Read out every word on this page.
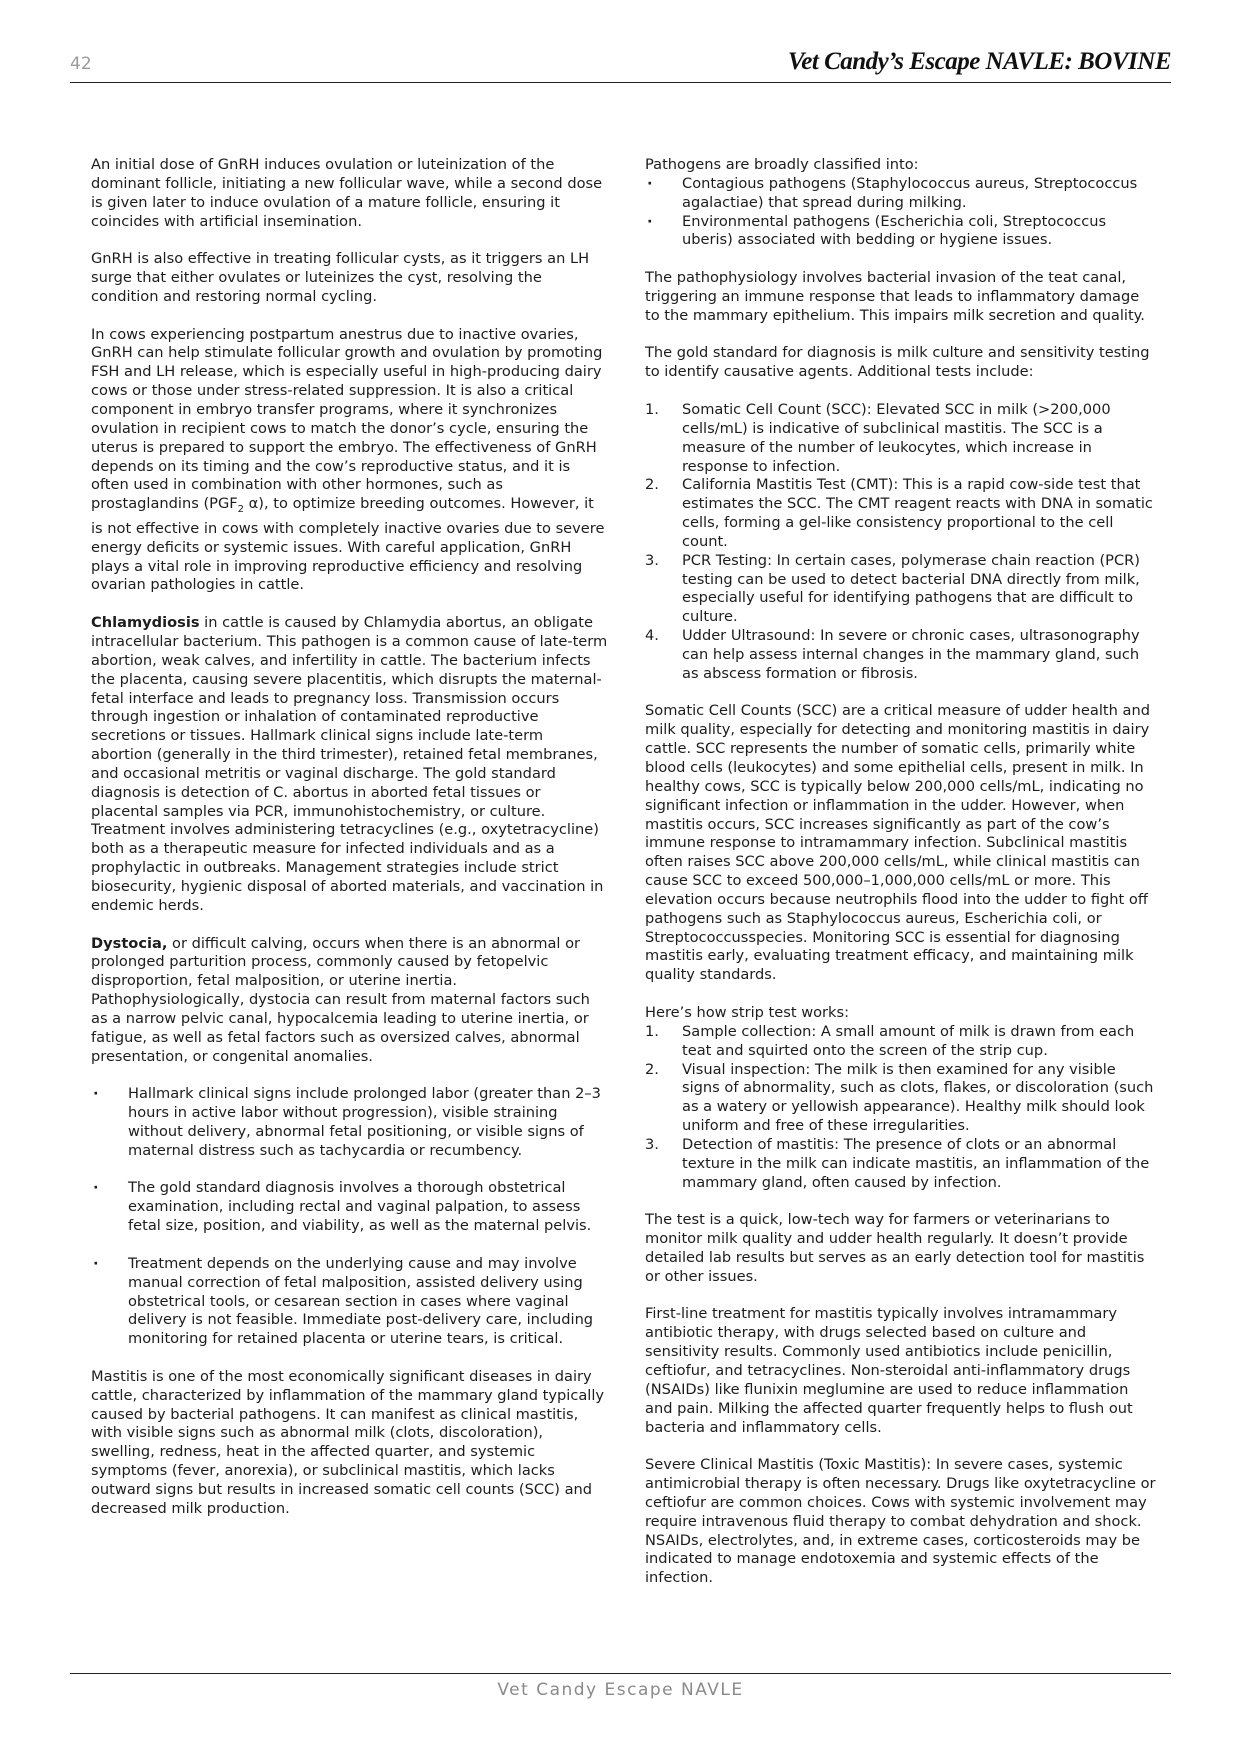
42	Vet Candy’s Escape NAVLE: BOVINE

An initial dose of GnRH induces ovulation or luteinization of the dominant follicle, initiating a new follicular wave, while a second dose is given later to induce ovulation of a mature follicle, ensuring it coincides with artificial insemination.

GnRH is also effective in treating follicular cysts, as it triggers an LH surge that either ovulates or luteinizes the cyst, resolving the condition and restoring normal cycling.

In cows experiencing postpartum anestrus due to inactive ovaries, GnRH can help stimulate follicular growth and ovulation by promoting FSH and LH release, which is especially useful in high-producing dairy cows or those under stress-related suppression. It is also a critical component in embryo transfer programs, where it synchronizes ovulation in recipient cows to match the donor’s cycle, ensuring the uterus is prepared to support the embryo. The effectiveness of GnRH depends on its timing and the cow’s reproductive status, and it is often used in combination with other hormones, such as prostaglandins ($PGF_2$ α), to optimize breeding outcomes. However, it is not effective in cows with completely inactive ovaries due to severe energy deficits or systemic issues. With careful application, GnRH plays a vital role in improving reproductive efficiency and resolving ovarian pathologies in cattle.

Chlamydiosis in cattle is caused by Chlamydia abortus, an obligate intracellular bacterium. This pathogen is a common cause of late-term abortion, weak calves, and infertility in cattle. The bacterium infects the placenta, causing severe placentitis, which disrupts the maternal-fetal interface and leads to pregnancy loss. Transmission occurs through ingestion or inhalation of contaminated reproductive secretions or tissues. Hallmark clinical signs include late-term abortion (generally in the third trimester), retained fetal membranes, and occasional metritis or vaginal discharge. The gold standard diagnosis is detection of C. abortus in aborted fetal tissues or placental samples via PCR, immunohistochemistry, or culture. Treatment involves administering tetracyclines (e.g., oxytetracycline) both as a therapeutic measure for infected individuals and as a prophylactic in outbreaks. Management strategies include strict biosecurity, hygienic disposal of aborted materials, and vaccination in endemic herds.

Dystocia, or difficult calving, occurs when there is an abnormal or prolonged parturition process, commonly caused by fetopelvic disproportion, fetal malposition, or uterine inertia. Pathophysiologically, dystocia can result from maternal factors such as a narrow pelvic canal, hypocalcemia leading to uterine inertia, or fatigue, as well as fetal factors such as oversized calves, abnormal presentation, or congenital anomalies.

· Hallmark clinical signs include prolonged labor (greater than 2–3 hours in active labor without progression), visible straining without delivery, abnormal fetal positioning, or visible signs of maternal distress such as tachycardia or recumbency.
· The gold standard diagnosis involves a thorough obstetrical examination, including rectal and vaginal palpation, to assess fetal size, position, and viability, as well as the maternal pelvis.
· Treatment depends on the underlying cause and may involve manual correction of fetal malposition, assisted delivery using obstetrical tools, or cesarean section in cases where vaginal delivery is not feasible. Immediate post-delivery care, including monitoring for retained placenta or uterine tears, is critical.

Mastitis is one of the most economically significant diseases in dairy cattle, characterized by inflammation of the mammary gland typically caused by bacterial pathogens. It can manifest as clinical mastitis, with visible signs such as abnormal milk (clots, discoloration), swelling, redness, heat in the affected quarter, and systemic symptoms (fever, anorexia), or subclinical mastitis, which lacks outward signs but results in increased somatic cell counts (SCC) and decreased milk production.

Pathogens are broadly classified into:

· Contagious pathogens (Staphylococcus aureus, Streptococcus agalactiae) that spread during milking.
· Environmental pathogens (Escherichia coli, Streptococcus uberis) associated with bedding or hygiene issues.

The pathophysiology involves bacterial invasion of the teat canal, triggering an immune response that leads to inflammatory damage to the mammary epithelium. This impairs milk secretion and quality.

The gold standard for diagnosis is milk culture and sensitivity testing to identify causative agents. Additional tests include:

1. Somatic Cell Count (SCC): Elevated SCC in milk (>200,000 cells/mL) is indicative of subclinical mastitis. The SCC is a measure of the number of leukocytes, which increase in response to infection.
2. California Mastitis Test (CMT): This is a rapid cow-side test that estimates the SCC. The CMT reagent reacts with DNA in somatic cells, forming a gel-like consistency proportional to the cell count.
3. PCR Testing: In certain cases, polymerase chain reaction (PCR) testing can be used to detect bacterial DNA directly from milk, especially useful for identifying pathogens that are difficult to culture.
4. Udder Ultrasound: In severe or chronic cases, ultrasonography can help assess internal changes in the mammary gland, such as abscess formation or fibrosis.

Somatic Cell Counts (SCC) are a critical measure of udder health and milk quality, especially for detecting and monitoring mastitis in dairy cattle. SCC represents the number of somatic cells, primarily white blood cells (leukocytes) and some epithelial cells, present in milk. In healthy cows, SCC is typically below 200,000 cells/mL, indicating no significant infection or inflammation in the udder. However, when mastitis occurs, SCC increases significantly as part of the cow’s immune response to intramammary infection. Subclinical mastitis often raises SCC above 200,000 cells/mL, while clinical mastitis can cause SCC to exceed 500,000–1,000,000 cells/mL or more. This elevation occurs because neutrophils flood into the udder to fight off pathogens such as Staphylococcus aureus, Escherichia coli, or Streptococcusspecies. Monitoring SCC is essential for diagnosing mastitis early, evaluating treatment efficacy, and maintaining milk quality standards.

Here’s how strip test works:

1. Sample collection: A small amount of milk is drawn from each teat and squirted onto the screen of the strip cup.
2. Visual inspection: The milk is then examined for any visible signs of abnormality, such as clots, flakes, or discoloration (such as a watery or yellowish appearance). Healthy milk should look uniform and free of these irregularities.
3. Detection of mastitis: The presence of clots or an abnormal texture in the milk can indicate mastitis, an inflammation of the mammary gland, often caused by infection.

The test is a quick, low-tech way for farmers or veterinarians to monitor milk quality and udder health regularly. It doesn’t provide detailed lab results but serves as an early detection tool for mastitis or other issues.

First-line treatment for mastitis typically involves intramammary antibiotic therapy, with drugs selected based on culture and sensitivity results. Commonly used antibiotics include penicillin, ceftiofur, and tetracyclines. Non-steroidal anti-inflammatory drugs (NSAIDs) like flunixin meglumine are used to reduce inflammation and pain. Milking the affected quarter frequently helps to flush out bacteria and inflammatory cells.

Severe Clinical Mastitis (Toxic Mastitis): In severe cases, systemic antimicrobial therapy is often necessary. Drugs like oxytetracycline or ceftiofur are common choices. Cows with systemic involvement may require intravenous fluid therapy to combat dehydration and shock. NSAIDs, electrolytes, and, in extreme cases, corticosteroids may be indicated to manage endotoxemia and systemic effects of the infection.

Vet Candy Escape NAVLE
